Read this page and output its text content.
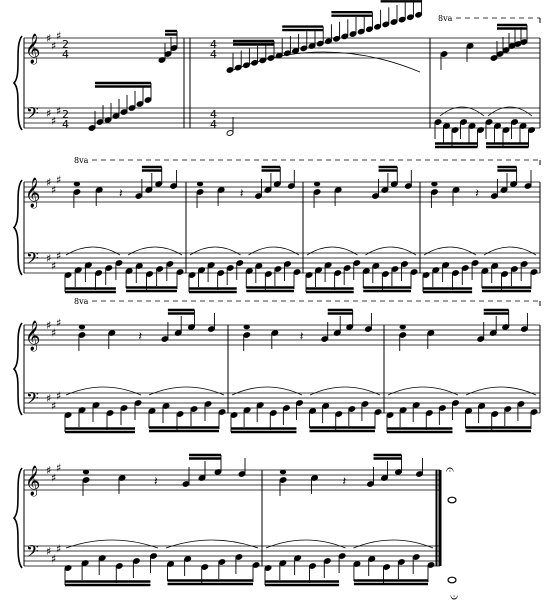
𝄞
𝄢
♯
♯
♯
♯
♯
♯
2
4
2
4
4
4
4
4
8va
𝄞
𝄢
♯
♯
♯
♯
♯
♯
8va
𝄽	𝄽	𝄽
𝄞
𝄢
♯
♯
♯
♯
♯
♯
8va
𝄽	𝄽
𝄞
𝄢
♯
♯
♯
♯
♯
♯
𝄽	𝄽
𝄐
𝄐
